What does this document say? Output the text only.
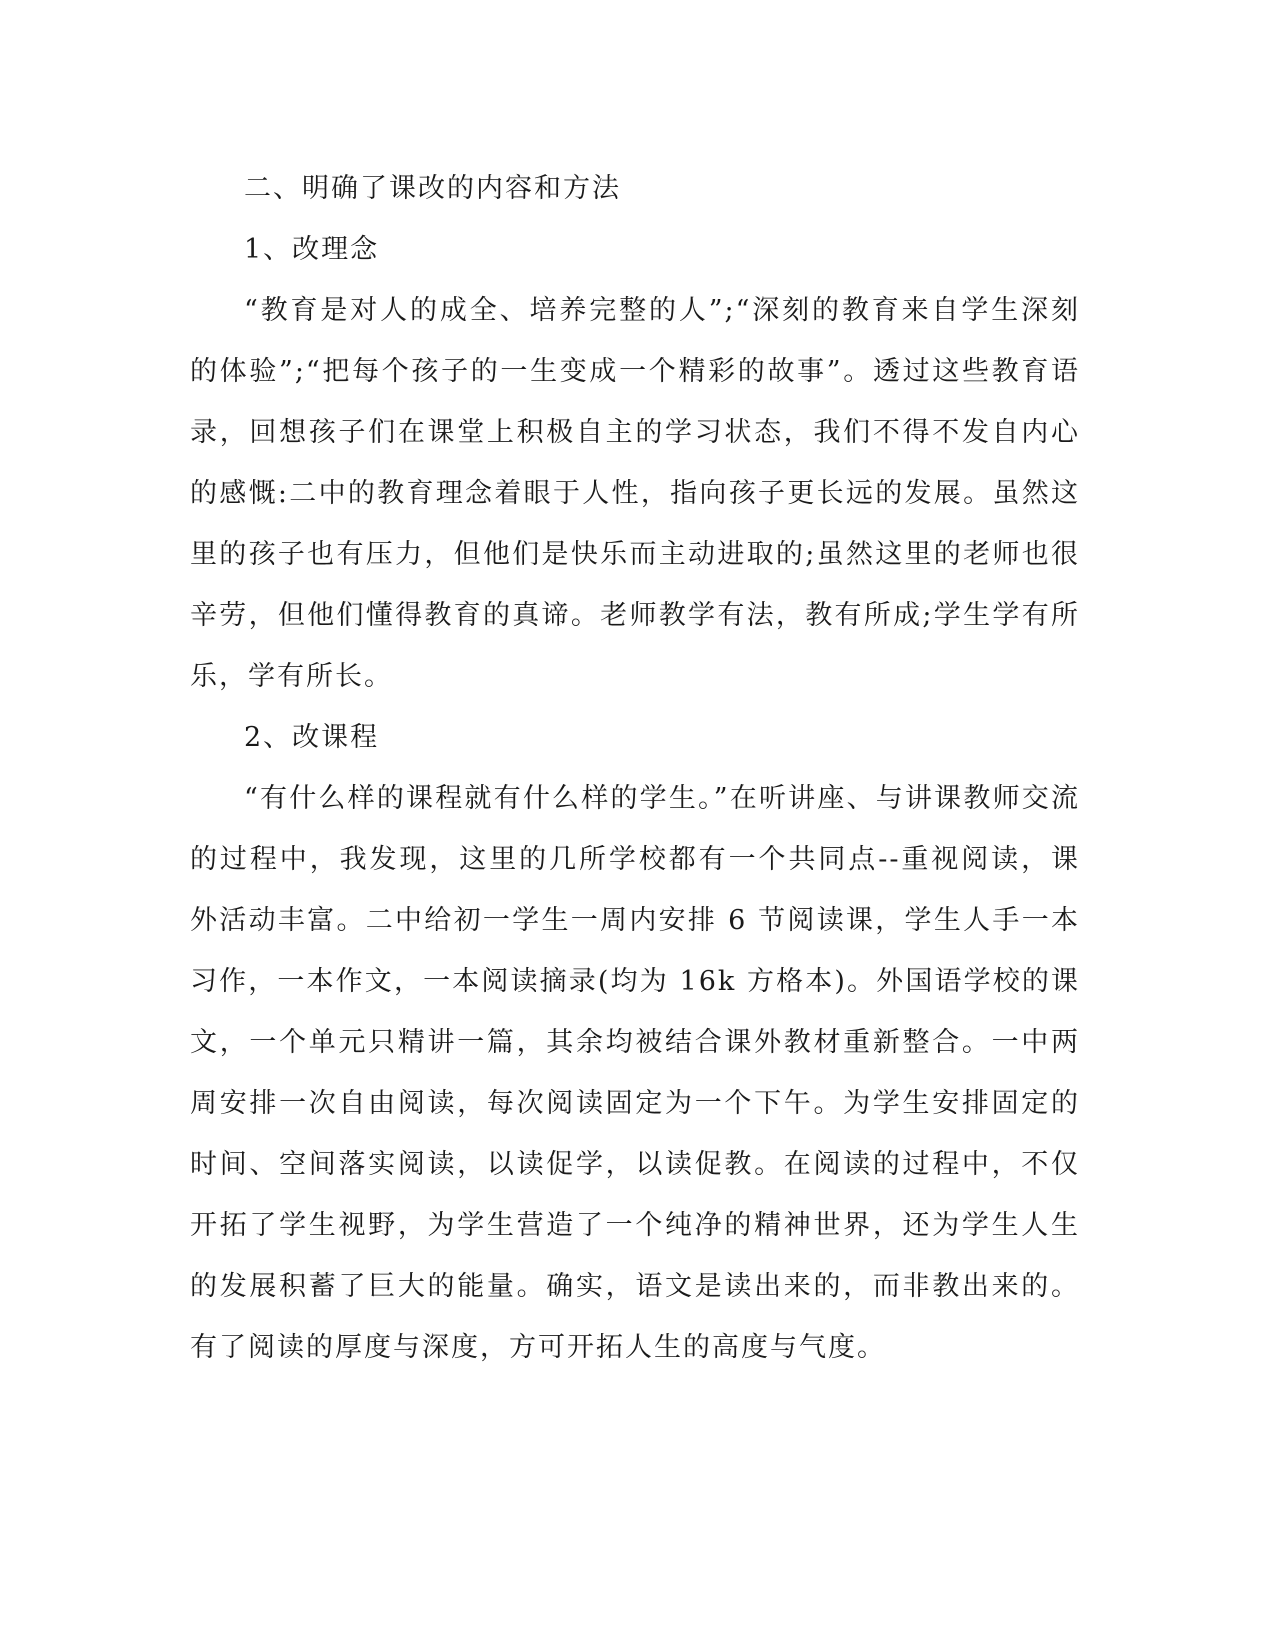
二、明确了课改的内容和方法

1、改理念

“教育是对人的成全、培养完整的人”;“深刻的教育来自学生深刻的体验”;“把每个孩子的一生变成一个精彩的故事”。透过这些教育语录，回想孩子们在课堂上积极自主的学习状态，我们不得不发自内心的感慨:二中的教育理念着眼于人性，指向孩子更长远的发展。虽然这里的孩子也有压力，但他们是快乐而主动进取的;虽然这里的老师也很辛劳，但他们懂得教育的真谛。老师教学有法，教有所成;学生学有所乐，学有所长。

2、改课程

“有什么样的课程就有什么样的学生。”在听讲座、与讲课教师交流的过程中，我发现，这里的几所学校都有一个共同点--重视阅读，课外活动丰富。二中给初一学生一周内安排 6 节阅读课，学生人手一本习作，一本作文，一本阅读摘录(均为 16k 方格本)。外国语学校的课文，一个单元只精讲一篇，其余均被结合课外教材重新整合。一中两周安排一次自由阅读，每次阅读固定为一个下午。为学生安排固定的时间、空间落实阅读，以读促学，以读促教。在阅读的过程中，不仅开拓了学生视野，为学生营造了一个纯净的精神世界，还为学生人生的发展积蓄了巨大的能量。确实，语文是读出来的，而非教出来的。有了阅读的厚度与深度，方可开拓人生的高度与气度。
